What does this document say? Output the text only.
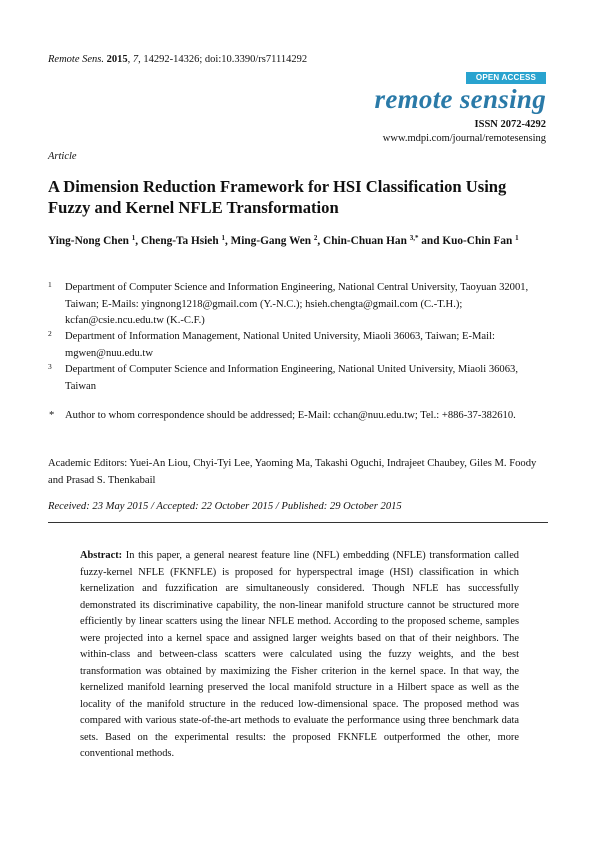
Remote Sens. 2015, 7, 14292-14326; doi:10.3390/rs71114292
OPEN ACCESS
remote sensing
ISSN 2072-4292
www.mdpi.com/journal/remotesensing
Article
A Dimension Reduction Framework for HSI Classification Using Fuzzy and Kernel NFLE Transformation
Ying-Nong Chen $^1$, Cheng-Ta Hsieh $^1$, Ming-Gang Wen $^2$, Chin-Chuan Han $^{3,*}$ and Kuo-Chin Fan $^1$
1 Department of Computer Science and Information Engineering, National Central University, Taoyuan 32001, Taiwan; E-Mails: yingnong1218@gmail.com (Y.-N.C.); hsieh.chengta@gmail.com (C.-T.H.); kcfan@csie.ncu.edu.tw (K.-C.F.)
2 Department of Information Management, National United University, Miaoli 36063, Taiwan; E-Mail: mgwen@nuu.edu.tw
3 Department of Computer Science and Information Engineering, National United University, Miaoli 36063, Taiwan
* Author to whom correspondence should be addressed; E-Mail: cchan@nuu.edu.tw; Tel.: +886-37-382610.
Academic Editors: Yuei-An Liou, Chyi-Tyi Lee, Yaoming Ma, Takashi Oguchi, Indrajeet Chaubey, Giles M. Foody and Prasad S. Thenkabail
Received: 23 May 2015 / Accepted: 22 October 2015 / Published: 29 October 2015
Abstract: In this paper, a general nearest feature line (NFL) embedding (NFLE) transformation called fuzzy-kernel NFLE (FKNFLE) is proposed for hyperspectral image (HSI) classification in which kernelization and fuzzification are simultaneously considered. Though NFLE has successfully demonstrated its discriminative capability, the non-linear manifold structure cannot be structured more efficiently by linear scatters using the linear NFLE method. According to the proposed scheme, samples were projected into a kernel space and assigned larger weights based on that of their neighbors. The within-class and between-class scatters were calculated using the fuzzy weights, and the best transformation was obtained by maximizing the Fisher criterion in the kernel space. In that way, the kernelized manifold learning preserved the local manifold structure in a Hilbert space as well as the locality of the manifold structure in the reduced low-dimensional space. The proposed method was compared with various state-of-the-art methods to evaluate the performance using three benchmark data sets. Based on the experimental results: the proposed FKNFLE outperformed the other, more conventional methods.
